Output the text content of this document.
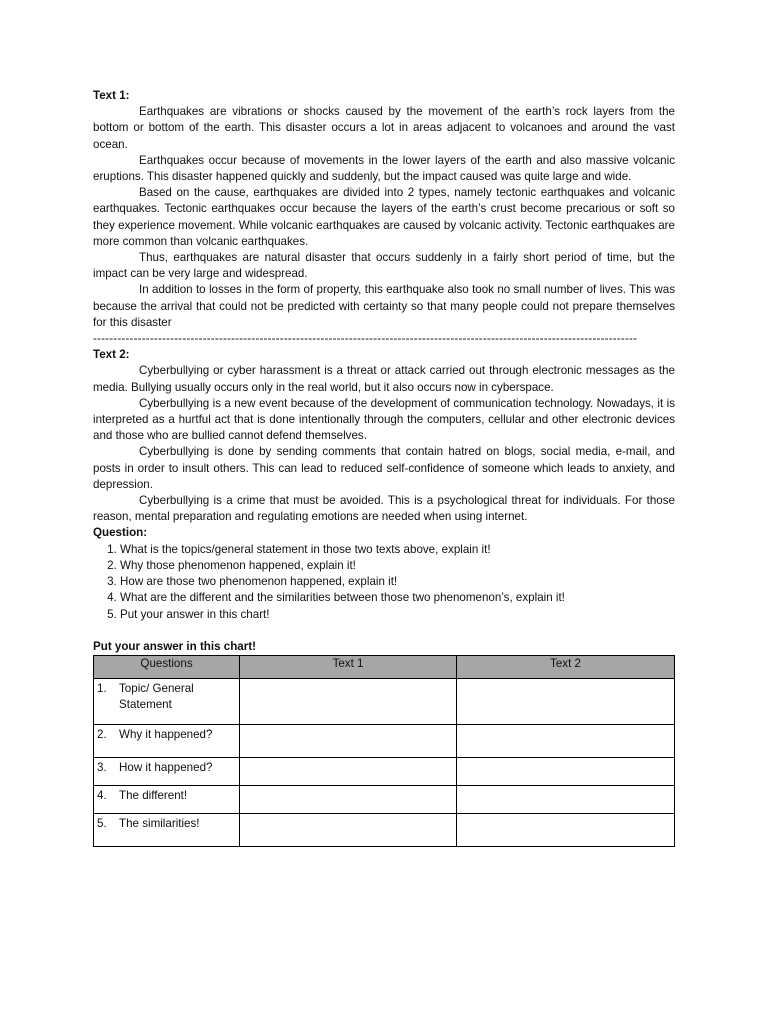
Text 1:

Earthquakes are vibrations or shocks caused by the movement of the earth’s rock layers from the bottom or bottom of the earth. This disaster occurs a lot in areas adjacent to volcanoes and around the vast ocean.

Earthquakes occur because of movements in the lower layers of the earth and also massive volcanic eruptions. This disaster happened quickly and suddenly, but the impact caused was quite large and wide.

Based on the cause, earthquakes are divided into 2 types, namely tectonic earthquakes and volcanic earthquakes. Tectonic earthquakes occur because the layers of the earth’s crust become precarious or soft so they experience movement. While volcanic earthquakes are caused by volcanic activity. Tectonic earthquakes are more common than volcanic earthquakes.

Thus, earthquakes are natural disaster that occurs suddenly in a fairly short period of time, but the impact can be very large and widespread.

In addition to losses in the form of property, this earthquake also took no small number of lives. This was because the arrival that could not be predicted with certainty so that many people could not prepare themselves for this disaster

--------------------------------------------------------------------------------------------------------------------------------------

Text 2:

Cyberbullying or cyber harassment is a threat or attack carried out through electronic messages as the media. Bullying usually occurs only in the real world, but it also occurs now in cyberspace.

Cyberbullying is a new event because of the development of communication technology. Nowadays, it is interpreted as a hurtful act that is done intentionally through the computers, cellular and other electronic devices and those who are bullied cannot defend themselves.

Cyberbullying is done by sending comments that contain hatred on blogs, social media, e-mail, and posts in order to insult others. This can lead to reduced self-confidence of someone which leads to anxiety, and depression.

Cyberbullying is a crime that must be avoided. This is a psychological threat for individuals. For those reason, mental preparation and regulating emotions are needed when using internet.

Question:

1. What is the topics/general statement in those two texts above, explain it!
2. Why those phenomenon happened, explain it!
3. How are those two phenomenon happened, explain it!
4. What are the different and the similarities between those two phenomenon’s, explain it!
5. Put your answer in this chart!

Put your answer in this chart!

Questions	Text 1	Text 2

1. Topic/ General Statement		

2. Why it happened?		

3. How it happened?		

4. The different!		

5. The similarities!		
